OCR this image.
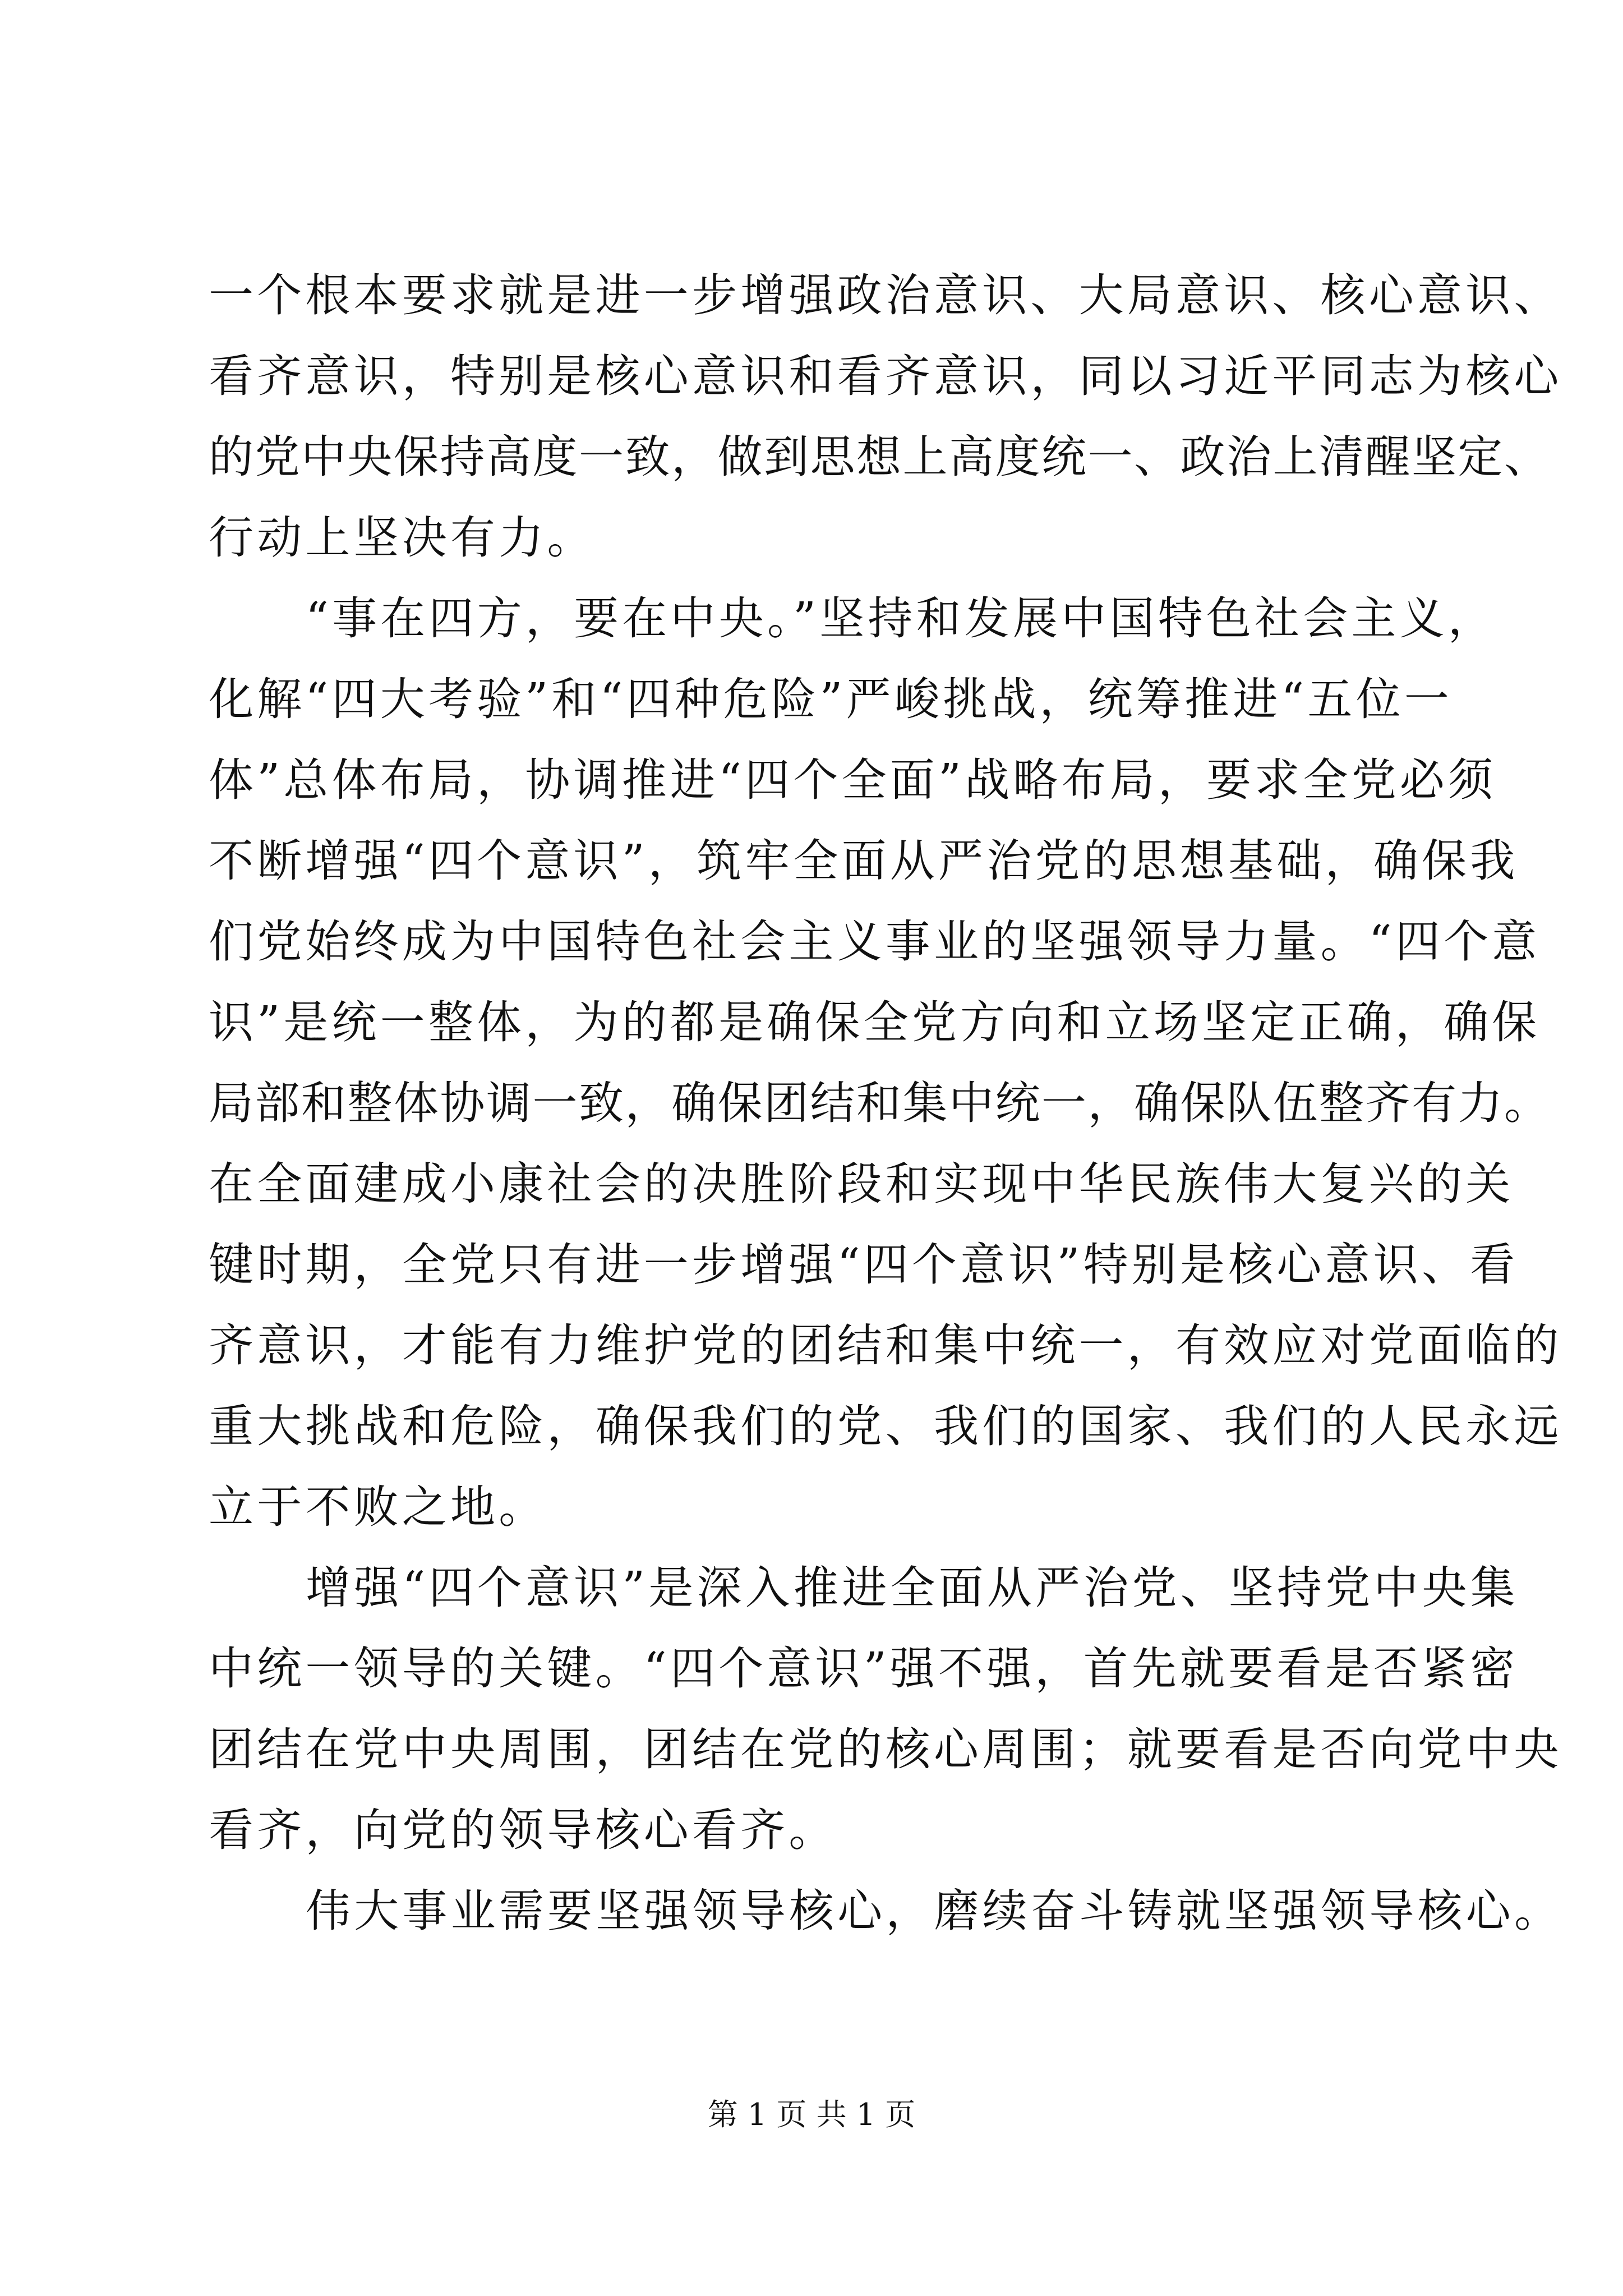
一个根本要求就是进一步增强政治意识、大局意识、核心意识、
看齐意识，特别是核心意识和看齐意识，同以习近平同志为核心
的党中央保持高度一致，做到思想上高度统一、政治上清醒坚定、
行动上坚决有力。
“事在四方，要在中央。”坚持和发展中国特色社会主义，
化解“四大考验”和“四种危险”严峻挑战，统筹推进“五位一
体”总体布局，协调推进“四个全面”战略布局，要求全党必须
不断增强“四个意识”，筑牢全面从严治党的思想基础，确保我
们党始终成为中国特色社会主义事业的坚强领导力量。“四个意
识”是统一整体，为的都是确保全党方向和立场坚定正确，确保
局部和整体协调一致，确保团结和集中统一，确保队伍整齐有力。
在全面建成小康社会的决胜阶段和实现中华民族伟大复兴的关
键时期，全党只有进一步增强“四个意识”特别是核心意识、看
齐意识，才能有力维护党的团结和集中统一，有效应对党面临的
重大挑战和危险，确保我们的党、我们的国家、我们的人民永远
立于不败之地。
增强“四个意识”是深入推进全面从严治党、坚持党中央集
中统一领导的关键。“四个意识”强不强，首先就要看是否紧密
团结在党中央周围，团结在党的核心周围；就要看是否向党中央
看齐，向党的领导核心看齐。
伟大事业需要坚强领导核心，磨续奋斗铸就坚强领导核心。
第 1 页 共 1 页
